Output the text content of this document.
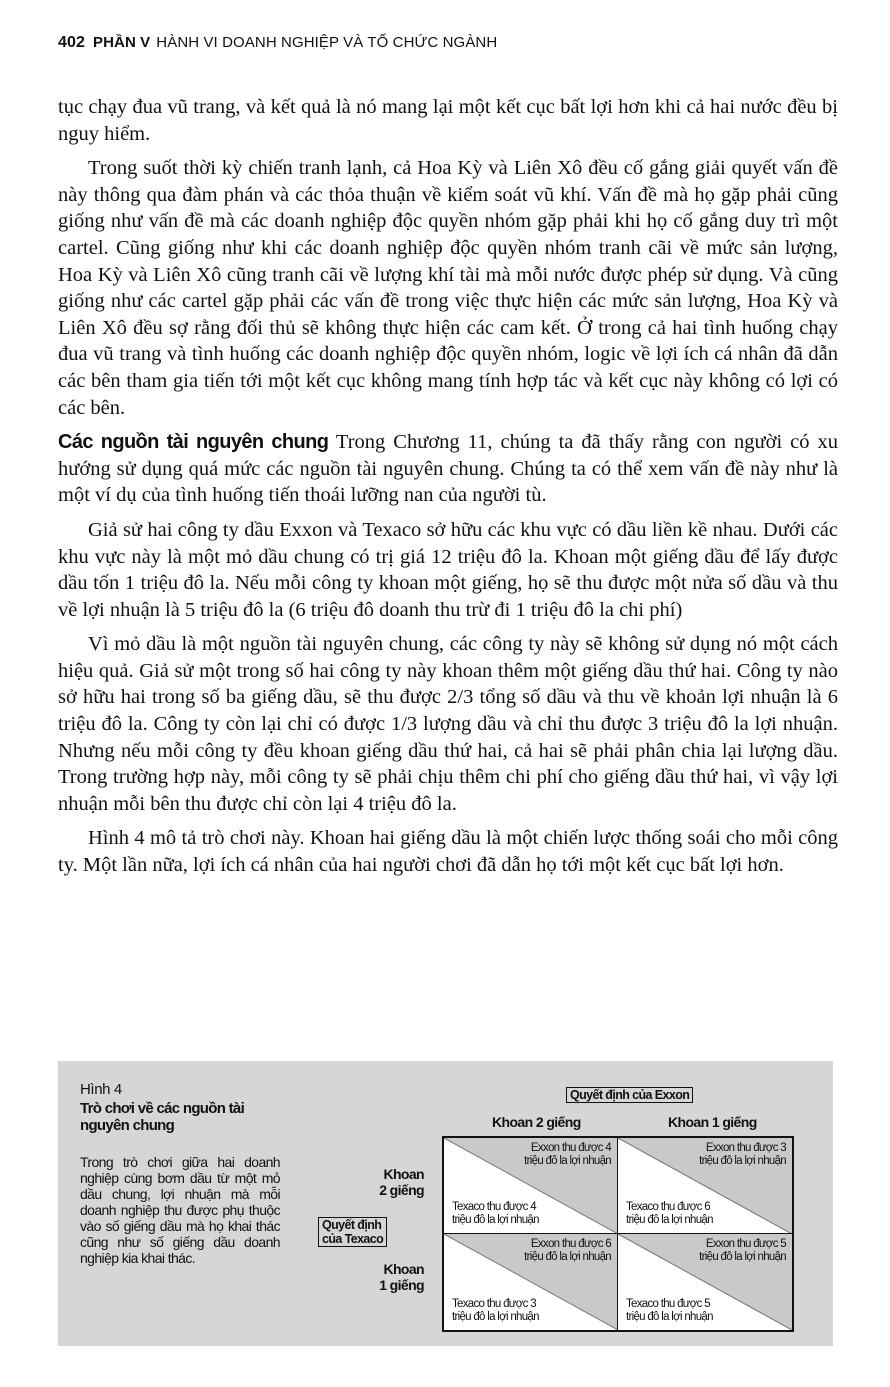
402 PHẦN V HÀNH VI DOANH NGHIỆP VÀ TỔ CHỨC NGÀNH

tục chạy đua vũ trang, và kết quả là nó mang lại một kết cục bất lợi hơn khi cả hai nước đều bị nguy hiểm.

Trong suốt thời kỳ chiến tranh lạnh, cả Hoa Kỳ và Liên Xô đều cố gắng giải quyết vấn đề này thông qua đàm phán và các thỏa thuận về kiểm soát vũ khí. Vấn đề mà họ gặp phải cũng giống như vấn đề mà các doanh nghiệp độc quyền nhóm gặp phải khi họ cố gắng duy trì một cartel. Cũng giống như khi các doanh nghiệp độc quyền nhóm tranh cãi về mức sản lượng, Hoa Kỳ và Liên Xô cũng tranh cãi về lượng khí tài mà mỗi nước được phép sử dụng. Và cũng giống như các cartel gặp phải các vấn đề trong việc thực hiện các mức sản lượng, Hoa Kỳ và Liên Xô đều sợ rằng đối thủ sẽ không thực hiện các cam kết. Ở trong cả hai tình huống chạy đua vũ trang và tình huống các doanh nghiệp độc quyền nhóm, logic về lợi ích cá nhân đã dẫn các bên tham gia tiến tới một kết cục không mang tính hợp tác và kết cục này không có lợi có các bên.

Các nguồn tài nguyên chung Trong Chương 11, chúng ta đã thấy rằng con người có xu hướng sử dụng quá mức các nguồn tài nguyên chung. Chúng ta có thể xem vấn đề này như là một ví dụ của tình huống tiến thoái lưỡng nan của người tù.

Giả sử hai công ty dầu Exxon và Texaco sở hữu các khu vực có dầu liền kề nhau. Dưới các khu vực này là một mỏ dầu chung có trị giá 12 triệu đô la. Khoan một giếng dầu để lấy được dầu tốn 1 triệu đô la. Nếu mỗi công ty khoan một giếng, họ sẽ thu được một nửa số dầu và thu về lợi nhuận là 5 triệu đô la (6 triệu đô doanh thu trừ đi 1 triệu đô la chi phí)

Vì mỏ dầu là một nguồn tài nguyên chung, các công ty này sẽ không sử dụng nó một cách hiệu quả. Giả sử một trong số hai công ty này khoan thêm một giếng dầu thứ hai. Công ty nào sở hữu hai trong số ba giếng dầu, sẽ thu được 2/3 tổng số dầu và thu về khoản lợi nhuận là 6 triệu đô la. Công ty còn lại chỉ có được 1/3 lượng dầu và chỉ thu được 3 triệu đô la lợi nhuận. Nhưng nếu mỗi công ty đều khoan giếng dầu thứ hai, cả hai sẽ phải phân chia lại lượng dầu. Trong trường hợp này, mỗi công ty sẽ phải chịu thêm chi phí cho giếng dầu thứ hai, vì vậy lợi nhuận mỗi bên thu được chỉ còn lại 4 triệu đô la.

Hình 4 mô tả trò chơi này. Khoan hai giếng dầu là một chiến lược thống soái cho mỗi công ty. Một lần nữa, lợi ích cá nhân của hai người chơi đã dẫn họ tới một kết cục bất lợi hơn.

Hình 4
Trò chơi về các nguồn tài nguyên chung
Trong trò chơi giữa hai doanh nghiệp cùng bơm dầu từ một mỏ dầu chung, lợi nhuận mà mỗi doanh nghiệp thu được phụ thuộc vào số giếng dầu mà họ khai thác cũng như số giếng dầu doanh nghiệp kia khai thác.
Quyết định của Exxon
Khoan 2 giếng	Khoan 1 giếng
Khoan
2 giếng
Khoan
1 giếng
Quyết định
của Texaco
Exxon thu được 4
triệu đô la lợi nhuận
Texaco thu được 4
triệu đô la lợi nhuận
Exxon thu được 3
triệu đô la lợi nhuận
Texaco thu được 6
triệu đô la lợi nhuận
Exxon thu được 6
triệu đô la lợi nhuận
Texaco thu được 3
triệu đô la lợi nhuận
Exxon thu được 5
triệu đô la lợi nhuận
Texaco thu được 5
triệu đô la lợi nhuận
